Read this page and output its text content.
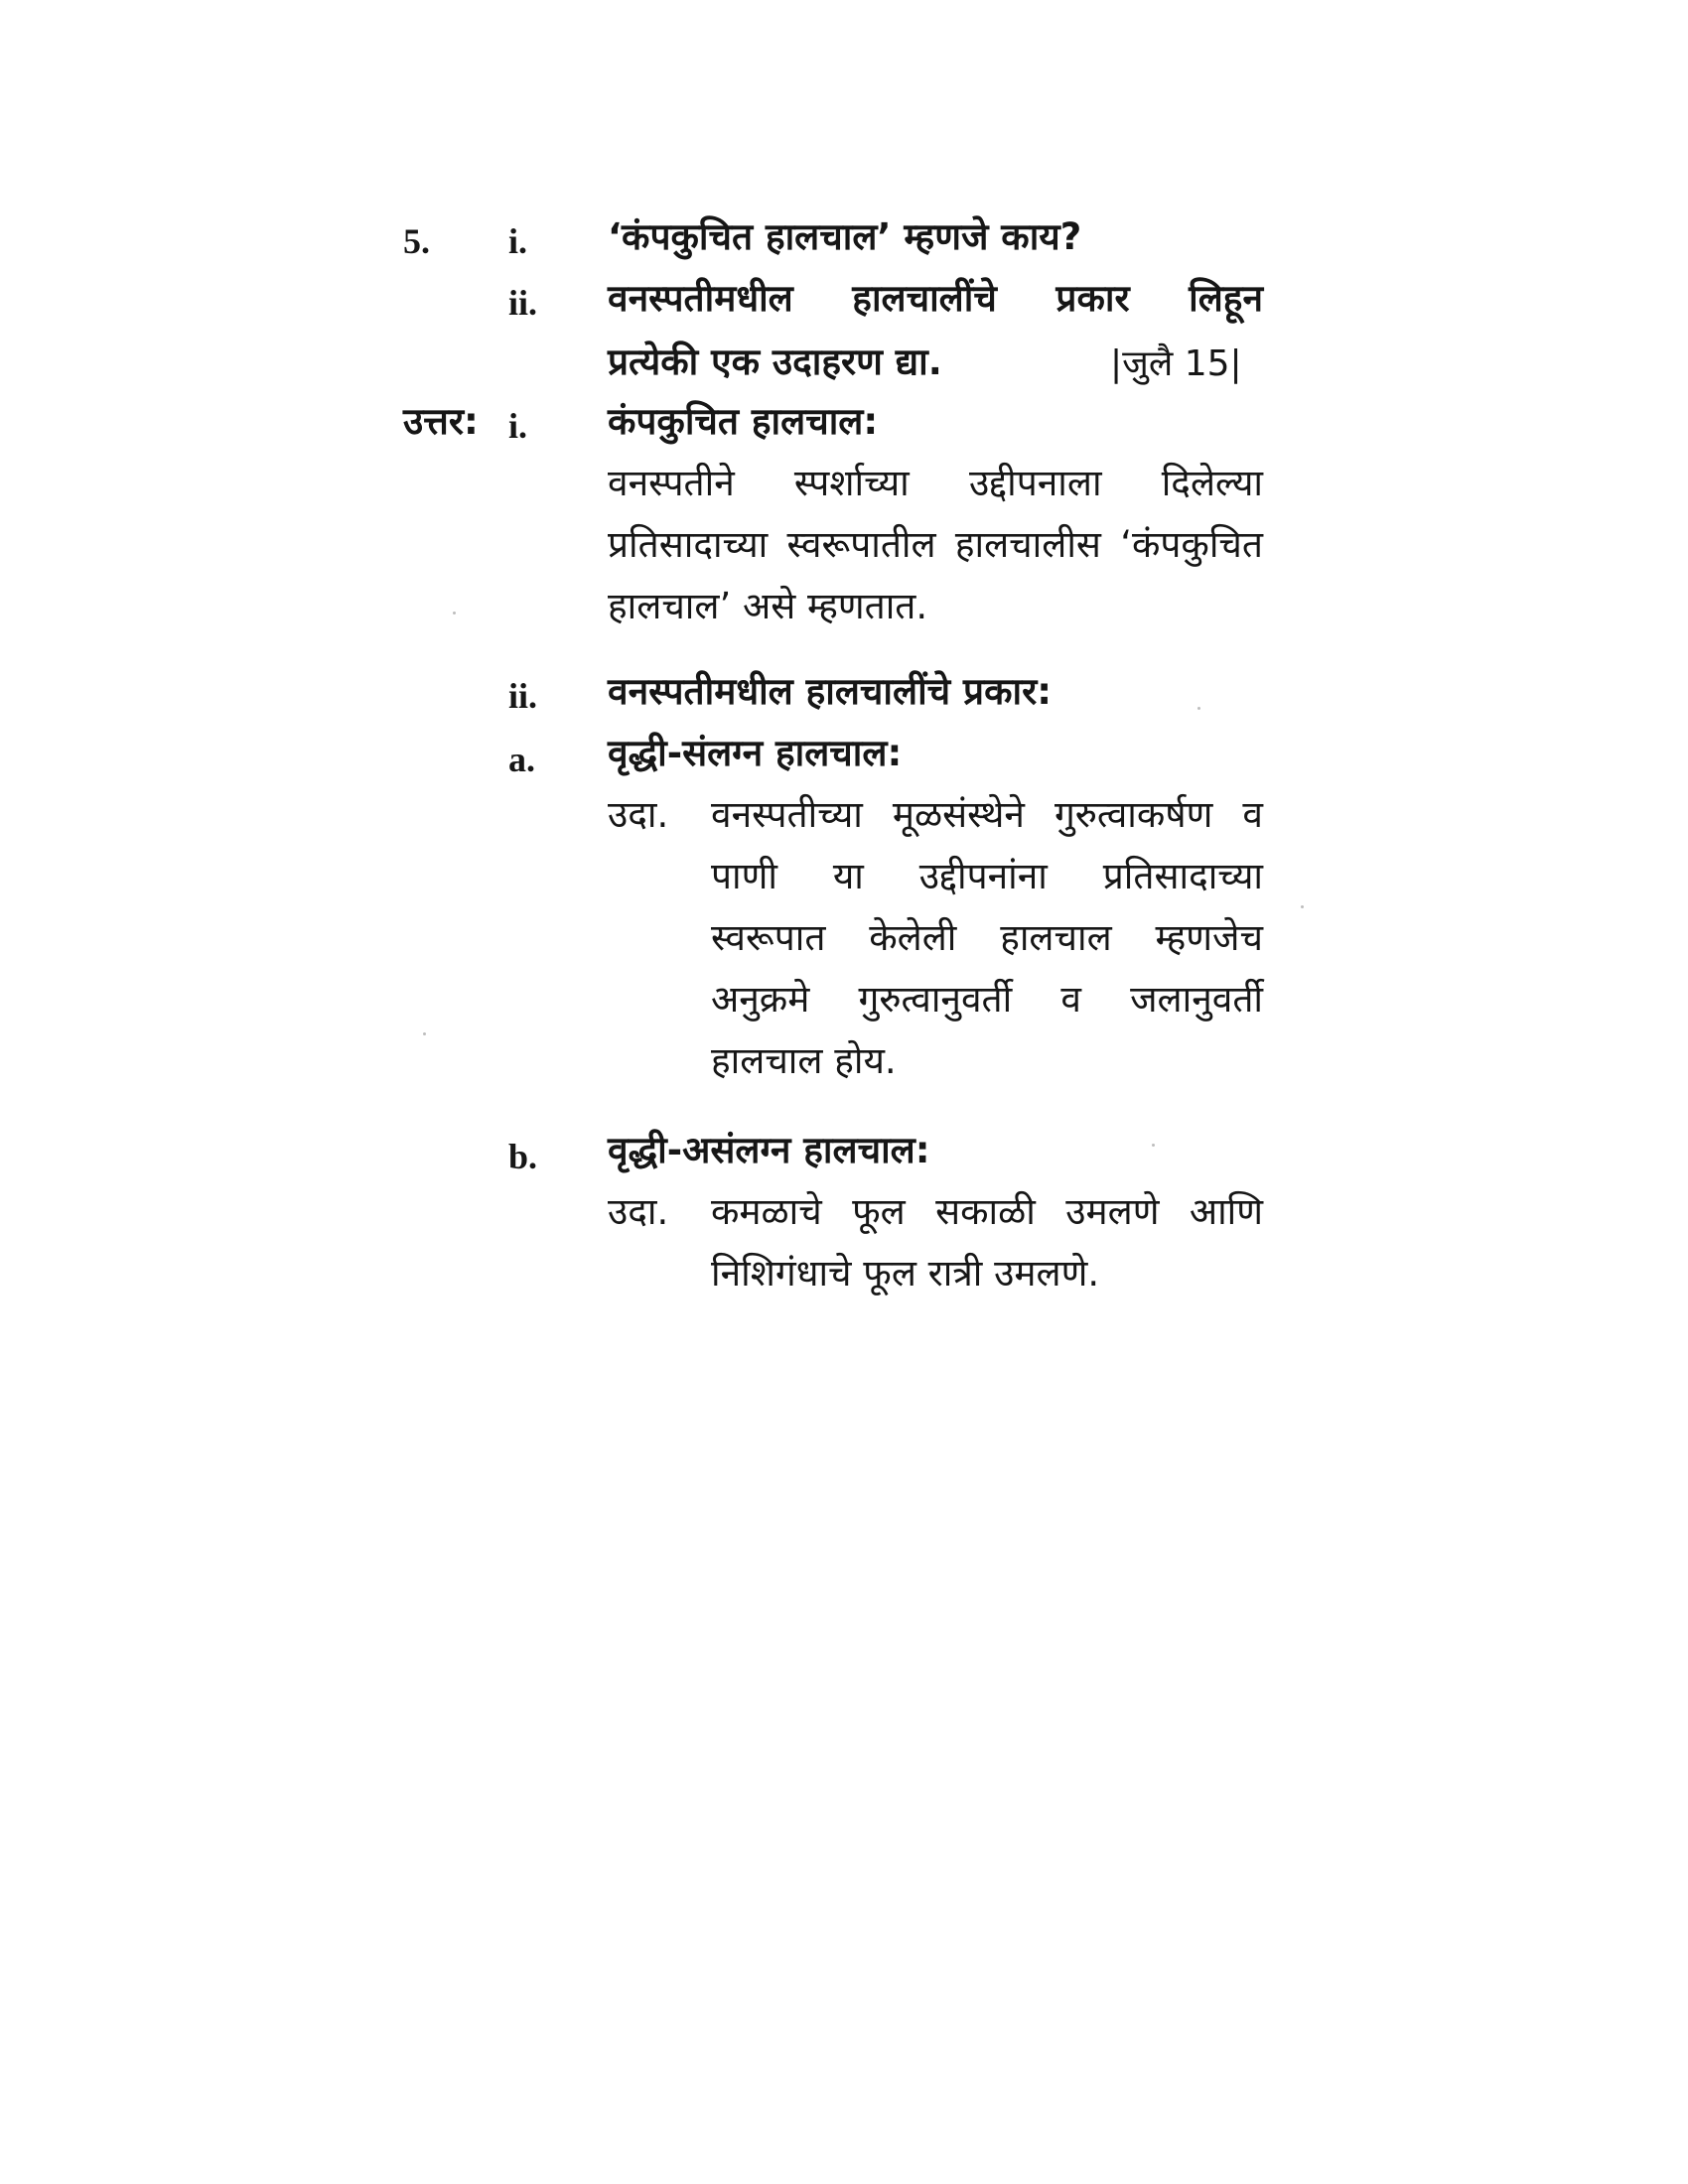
5. i. ‘कंपकुचित हालचाल’ म्हणजे काय?
ii. वनस्पतीमधील हालचालींचे प्रकार लिहून
प्रत्येकी एक उदाहरण द्या.	|जुलै 15|
उत्तर: i. कंपकुचित हालचाल:
वनस्पतीने स्पर्शाच्या उद्दीपनाला दिलेल्या
प्रतिसादाच्या स्वरूपातील हालचालीस ‘कंपकुचित
हालचाल’ असे म्हणतात.
ii. वनस्पतीमधील हालचालींचे प्रकार:
a. वृद्धी-संलग्न हालचाल:
उदा. वनस्पतीच्या मूळसंस्थेने गुरुत्वाकर्षण व
पाणी या उद्दीपनांना प्रतिसादाच्या
स्वरूपात केलेली हालचाल म्हणजेच
अनुक्रमे गुरुत्वानुवर्ती व जलानुवर्ती
हालचाल होय.
b. वृद्धी-असंलग्न हालचाल:
उदा. कमळाचे फूल सकाळी उमलणे आणि
निशिगंधाचे फूल रात्री उमलणे.
